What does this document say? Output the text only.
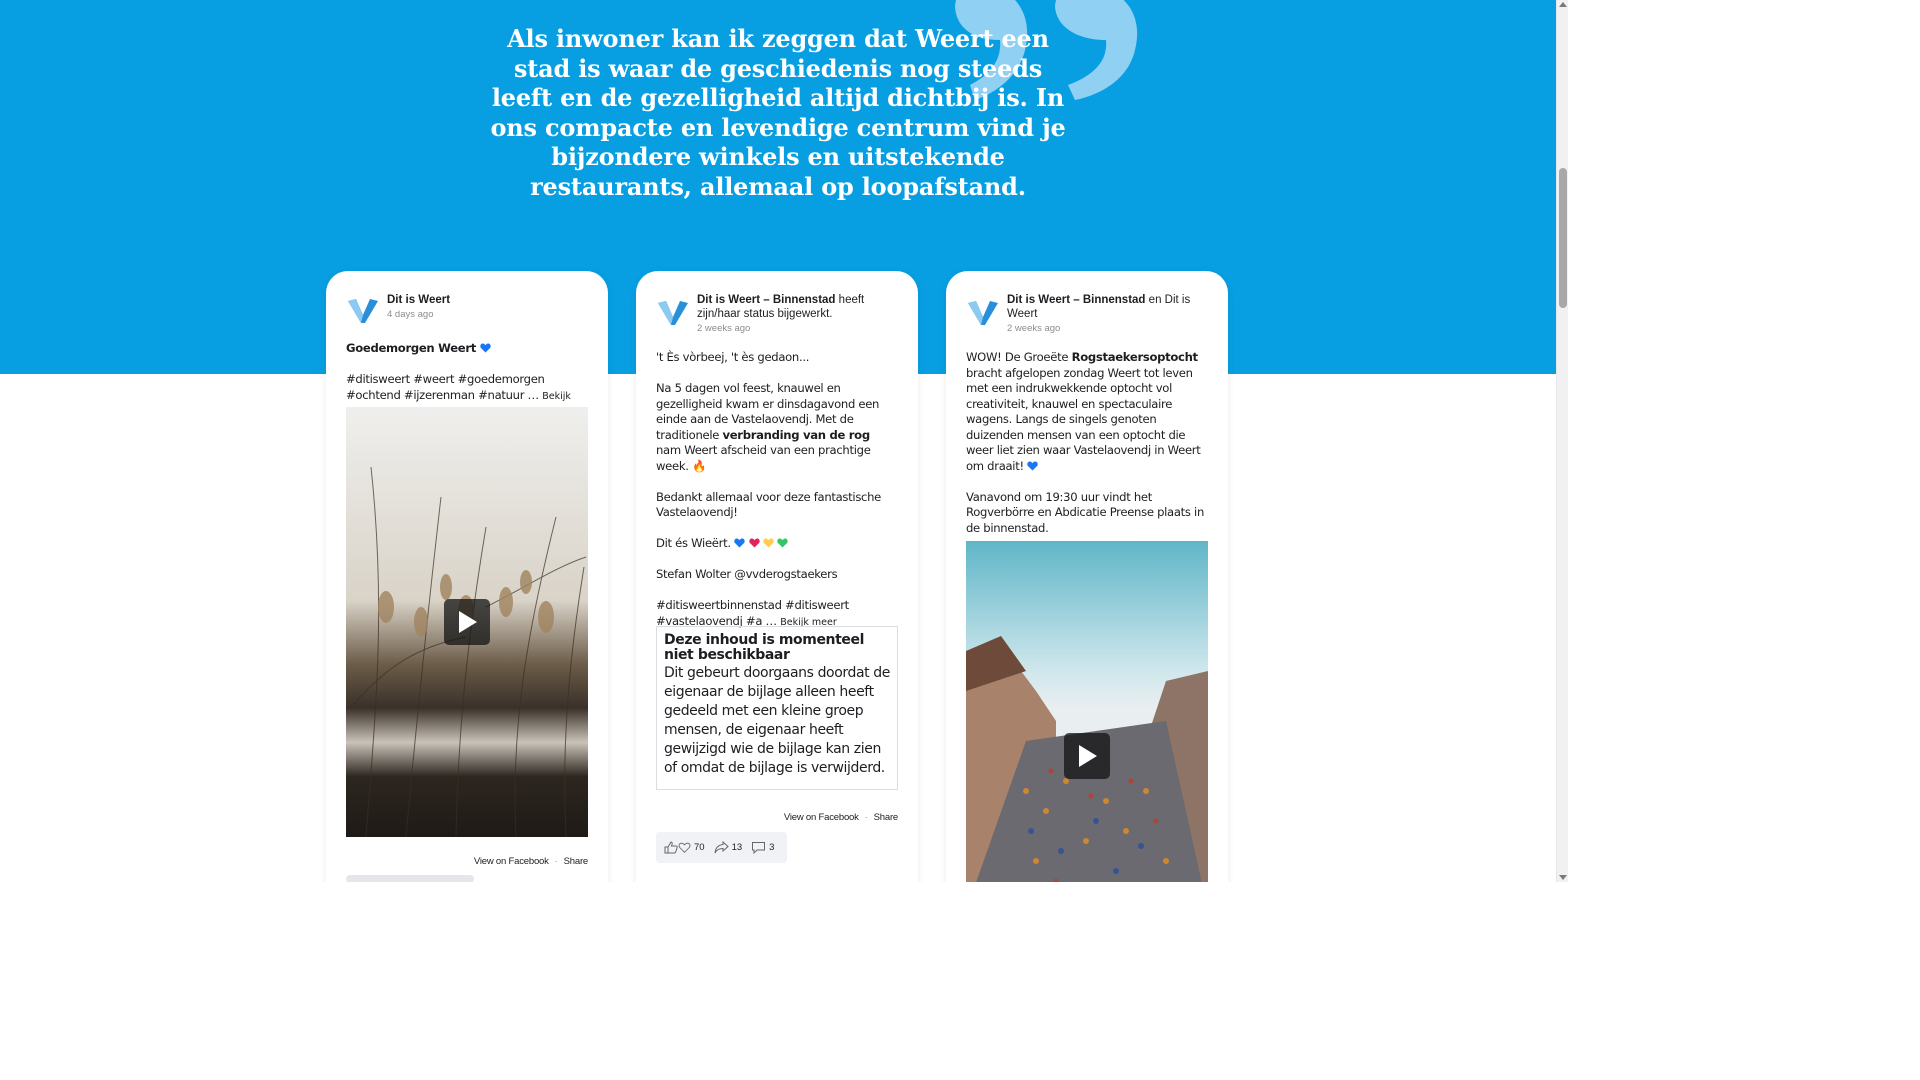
Als inwoner kan ik zeggen dat Weert een stad is waar de geschiedenis nog steeds leeft en de gezelligheid altijd dichtbij is. In ons compacte en levendige centrum vind je bijzondere winkels en uitstekende restaurants, allemaal op loopafstand.
Dit is Weert
4 days ago

Goedemorgen Weert

#ditisweert #weert #goedemorgen #ochtend #ijzerenman #natuur … Bekijk

View on Facebook · Share
Dit is Weert – Binnenstad heeft zijn/haar status bijgewerkt.
2 weeks ago

't Ès vòrbeej, 't ès gedaon...

Na 5 dagen vol feest, knauwel en gezelligheid kwam er dinsdagavond een einde aan de Vastelaovendj. Met de traditionele verbranding van de rog nam Weert afscheid van een prachtige week. 🔥

Bedankt allemaal voor deze fantastische Vastelaovendj!

Dit és Wieërt.

Stefan Wolter @vvderogstaekers

#ditisweertbinnenstad #ditisweert #vastelaovendj #a … Bekijk meer

Deze inhoud is momenteel niet beschikbaar

Dit gebeurt doorgaans doordat de eigenaar de bijlage alleen heeft gedeeld met een kleine groep mensen, de eigenaar heeft gewijzigd wie de bijlage kan zien of omdat de bijlage is verwijderd.

View on Facebook · Share
70	13	3
Dit is Weert – Binnenstad en Dit is Weert
2 weeks ago

WOW! De Groeëte Rogstaekersoptocht bracht afgelopen zondag Weert tot leven met een indrukwekkende optocht vol creativiteit, knauwel en spectaculaire wagens. Langs de singels genoten duizenden mensen van een optocht die weer liet zien waar Vastelaovendj in Weert om draait!

Vanavond om 19:30 uur vindt het Rogverbörre en Abdicatie Preense plaats in de binnenstad.
